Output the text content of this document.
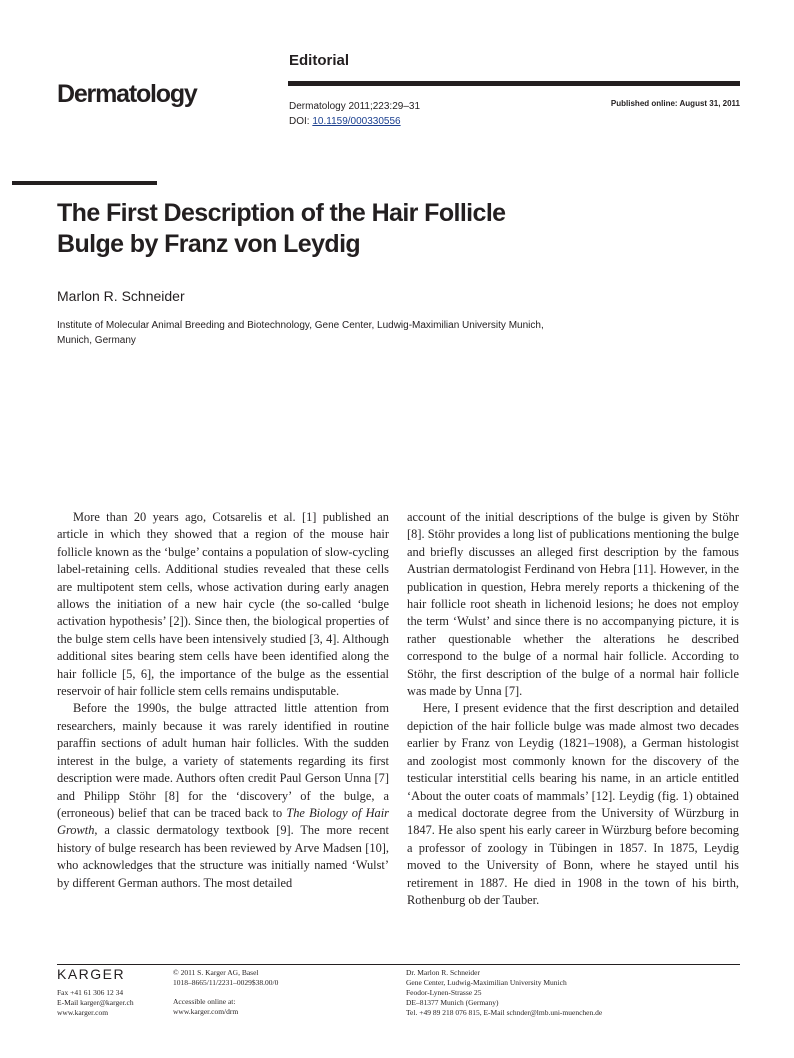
Editorial
Dermatology	Dermatology 2011;223:29–31
DOI: 10.1159/000330556
Published online: August 31, 2011
The First Description of the Hair Follicle
Bulge by Franz von Leydig
Marlon R. Schneider
Institute of Molecular Animal Breeding and Biotechnology, Gene Center, Ludwig-Maximilian University Munich,
Munich, Germany

More than 20 years ago, Cotsarelis et al. [1] published an article in which they showed that a region of the mouse hair follicle known as the ‘bulge’ contains a population of slow-cycling label-retaining cells. Additional studies revealed that these cells are multipotent stem cells, whose activation during early anagen allows the initiation of a new hair cycle (the so-called ‘bulge activation hypothesis’ [2]). Since then, the biological properties of the bulge stem cells have been intensively studied [3, 4]. Although additional sites bearing stem cells have been identified along the hair follicle [5, 6], the importance of the bulge as the essential reservoir of hair follicle stem cells remains undisputable.

Before the 1990s, the bulge attracted little attention from researchers, mainly because it was rarely identified in routine paraffin sections of adult human hair follicles. With the sudden interest in the bulge, a variety of statements regarding its first description were made. Authors often credit Paul Gerson Unna [7] and Philipp Stöhr [8] for the ‘discovery’ of the bulge, a (erroneous) belief that can be traced back to The Biology of Hair Growth, a classic dermatology textbook [9]. The more recent history of bulge research has been reviewed by Arve Madsen [10], who acknowledges that the structure was initially named ‘Wulst’ by different German authors. The most detailed

account of the initial descriptions of the bulge is given by Stöhr [8]. Stöhr provides a long list of publications mentioning the bulge and briefly discusses an alleged first description by the famous Austrian dermatologist Ferdinand von Hebra [11]. However, in the publication in question, Hebra merely reports a thickening of the hair follicle root sheath in lichenoid lesions; he does not employ the term ‘Wulst’ and since there is no accompanying picture, it is rather questionable whether the alterations he described correspond to the bulge of a normal hair follicle. According to Stöhr, the first description of the bulge of a normal hair follicle was made by Unna [7].

Here, I present evidence that the first description and detailed depiction of the hair follicle bulge was made almost two decades earlier by Franz von Leydig (1821–1908), a German histologist and zoologist most commonly known for the discovery of the testicular interstitial cells bearing his name, in an article entitled ‘About the outer coats of mammals’ [12]. Leydig (fig. 1) obtained a medical doctorate degree from the University of Würzburg in 1847. He also spent his early career in Würzburg before becoming a professor of zoology in Tübingen in 1857. In 1875, Leydig moved to the University of Bonn, where he stayed until his retirement in 1887. He died in 1908 in the town of his birth, Rothenburg ob der Tauber.

KARGER
Fax +41 61 306 12 34
E-Mail karger@karger.ch
www.karger.com
© 2011 S. Karger AG, Basel
1018–8665/11/2231–0029$38.00/0
Accessible online at:
www.karger.com/drm
Dr. Marlon R. Schneider
Gene Center, Ludwig-Maximilian University Munich
Feodor-Lynen-Strasse 25
DE–81377 Munich (Germany)
Tel. +49 89 218 076 815, E-Mail schnder@lmb.uni-muenchen.de
